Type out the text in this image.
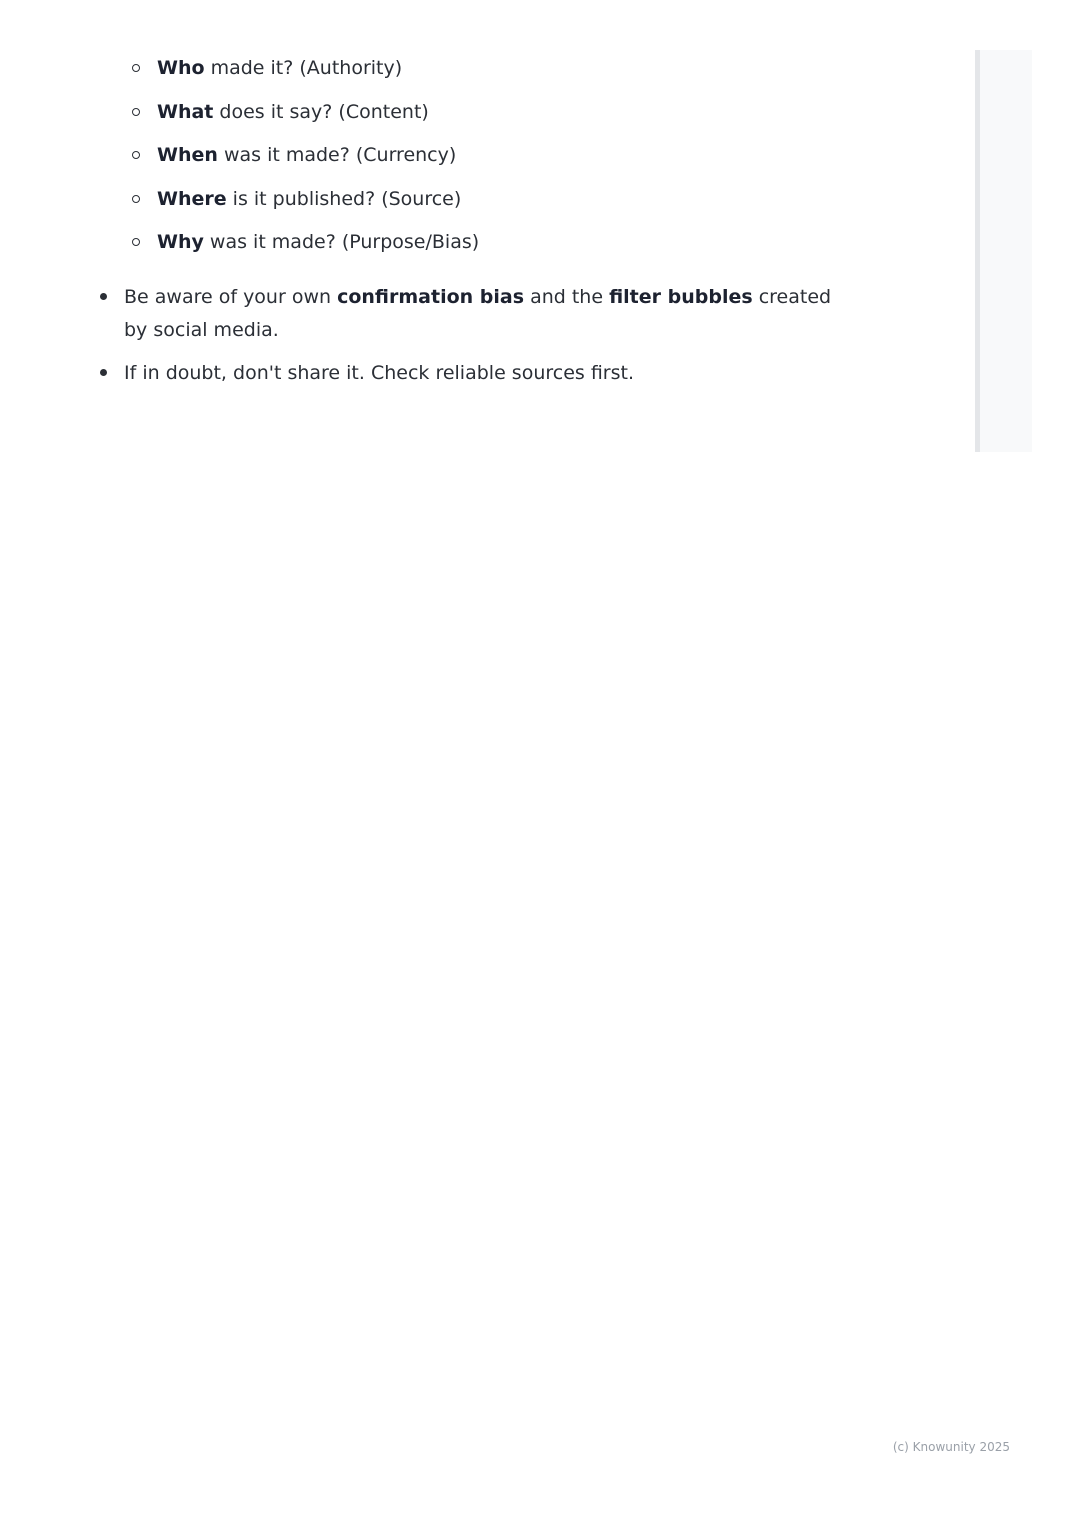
Who made it? (Authority)
What does it say? (Content)
When was it made? (Currency)
Where is it published? (Source)
Why was it made? (Purpose/Bias)
Be aware of your own confirmation bias and the filter bubbles created by social media.
If in doubt, don't share it. Check reliable sources first.
(c) Knowunity 2025
